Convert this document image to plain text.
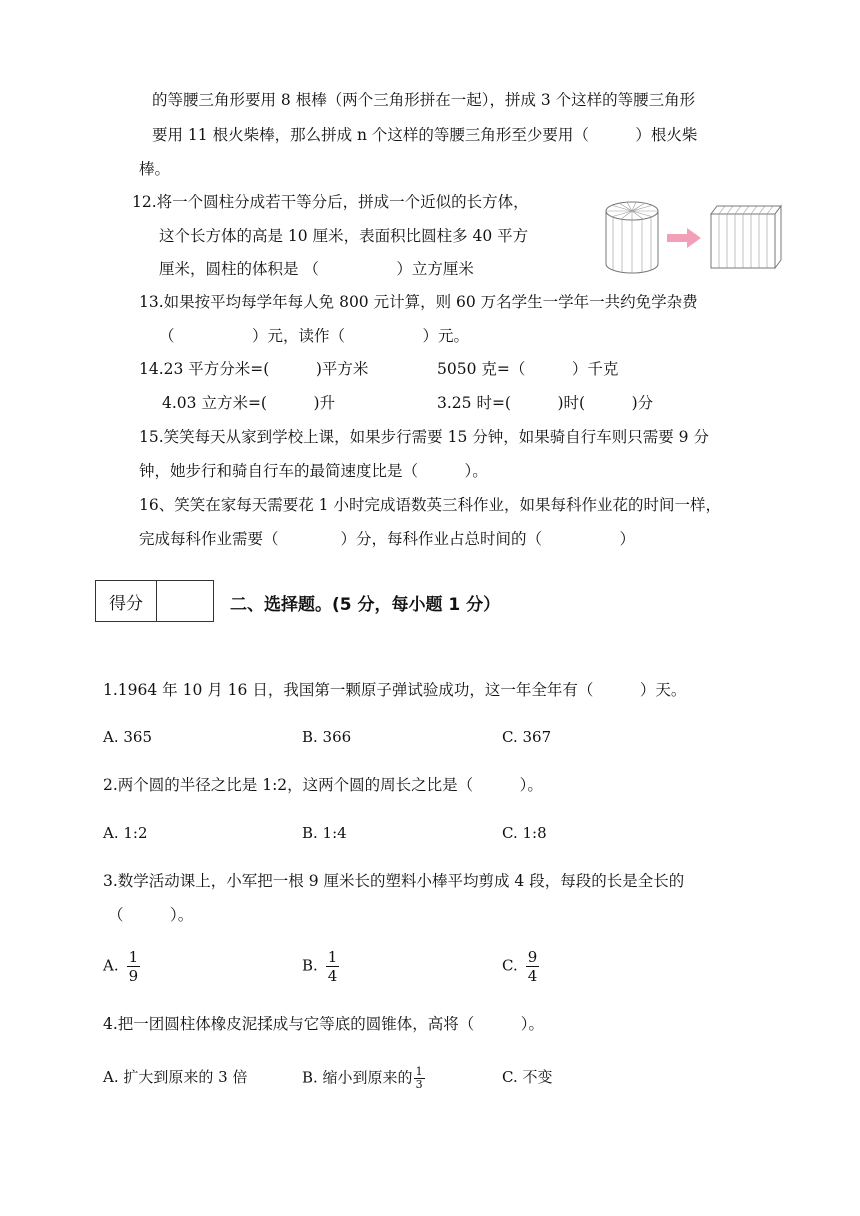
的等腰三角形要用 8 根棒（两个三角形拼在一起），拼成 3 个这样的等腰三角形
要用 11 根火柴棒，那么拼成 n 个这样的等腰三角形至少要用（　　　）根火柴
棒。
12.将一个圆柱分成若干等分后，拼成一个近似的长方体，
这个长方体的高是 10 厘米，表面积比圆柱多 40 平方
厘米，圆柱的体积是 （　　　　　）立方厘米
13.如果按平均每学年每人免 800 元计算，则 60 万名学生一学年一共约免学杂费
（　　　　　）元，读作（　　　　　）元。
14.23 平方分米=(　　　)平方米	5050 克=（　　　）千克
4.03 立方米=(　　　)升	3.25 时=(　　　)时(　　　)分
15.笑笑每天从家到学校上课，如果步行需要 15 分钟，如果骑自行车则只需要 9 分
钟，她步行和骑自行车的最简速度比是（　　　）。
16、笑笑在家每天需要花 1 小时完成语数英三科作业，如果每科作业花的时间一样，
完成每科作业需要（　　　　）分，每科作业占总时间的（　　　　　）
得分	二、选择题。(5 分，每小题 1 分）
1.1964 年 10 月 16 日，我国第一颗原子弹试验成功，这一年全年有（　　　）天。
A. 365	B. 366	C. 367
2.两个圆的半径之比是 1:2，这两个圆的周长之比是（　　　）。
A. 1:2	B. 1:4	C. 1:8
3.数学活动课上，小军把一根 9 厘米长的塑料小棒平均剪成 4 段，每段的长是全长的
（　　　）。
A. $\frac{1}{9}$	B. $\frac{1}{4}$	C. $\frac{9}{4}$
4.把一团圆柱体橡皮泥揉成与它等底的圆锥体，高将（　　　）。
A. 扩大到原来的 3 倍	B. 缩小到原来的 $\frac{1}{3}$	C. 不变
